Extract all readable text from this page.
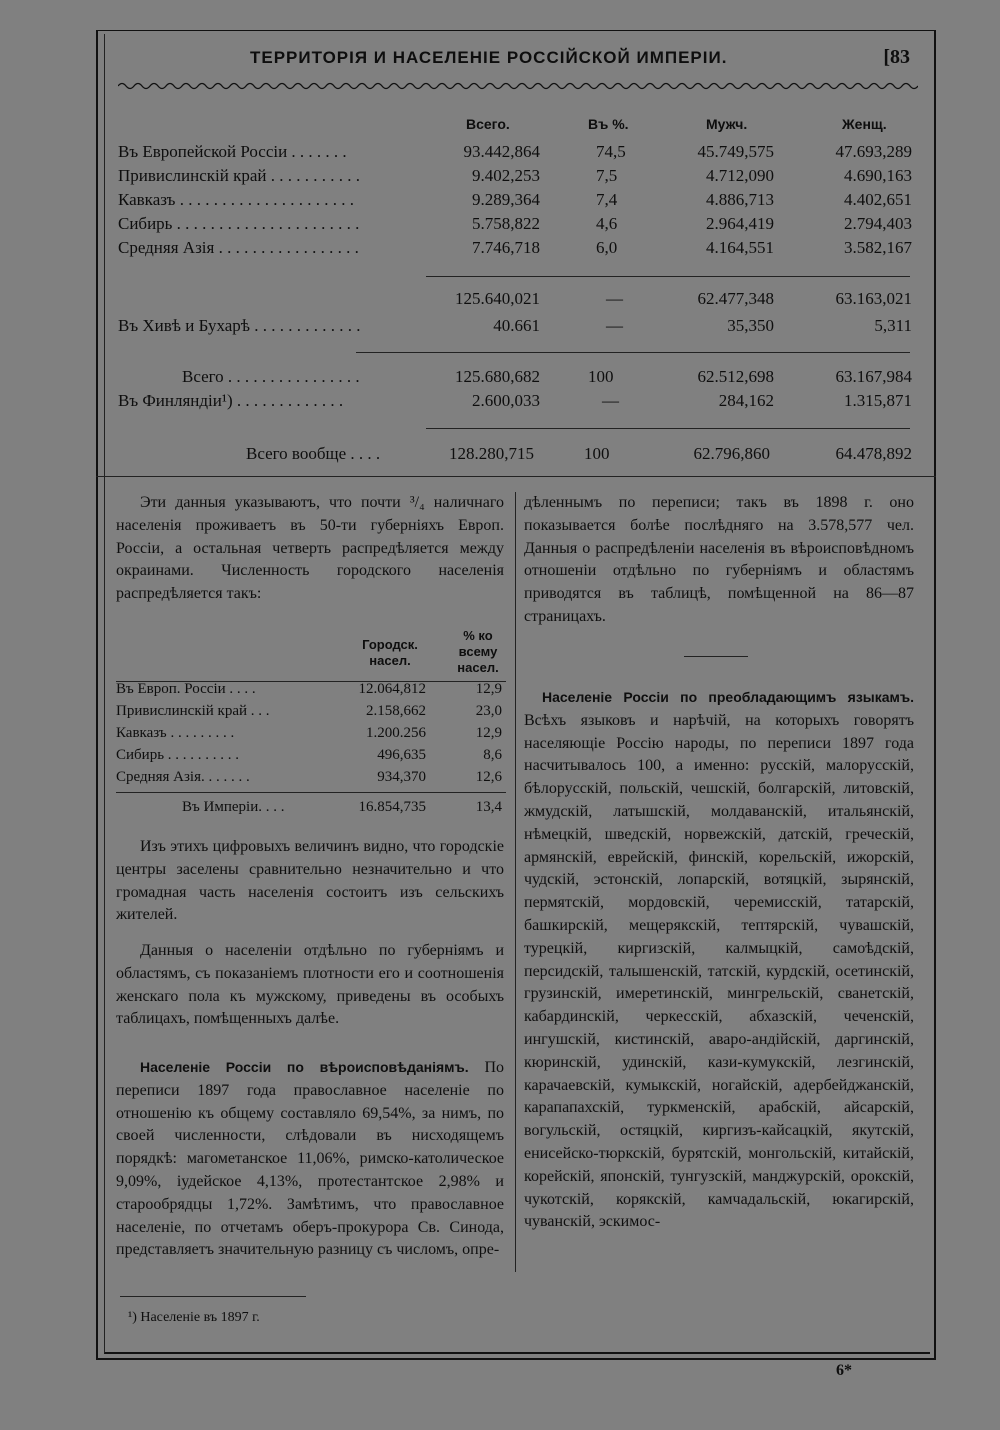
ТЕРРИТОРІЯ И НАСЕЛЕНІЕ РОССІЙСКОЙ ИМПЕРІИ.	[83
Всего.	Въ %.	Мужч.	Женщ.
Въ Европейской Россіи . . . . . . .	93.442,864	74,5	45.749,575	47.693,289
Привислинскій край . . . . . . . . . . .	9.402,253	7,5	4.712,090	4.690,163
Кавказъ . . . . . . . . . . . . . . . . . . . . .	9.289,364	7,4	4.886,713	4.402,651
Сибирь . . . . . . . . . . . . . . . . . . . . . .	5.758,822	4,6	2.964,419	2.794,403
Средняя Азія . . . . . . . . . . . . . . . . .	7.746,718	6,0	4.164,551	3.582,167
125.640,021	—	62.477,348	63.163,021
Въ Хивѣ и Бухарѣ . . . . . . . . . . . . .	40.661	—	35,350	5,311
Всего . . . . . . . . . . . . . . . .	125.680,682	100	62.512,698	63.167,984
Въ Финляндіи¹) . . . . . . . . . . . . .	2.600,033	—	284,162	1.315,871
Всего вообще . . . .	128.280,715	100	62.796,860	64.478,892
Эти данныя указываютъ, что почти ³/₄ наличнаго населенія проживаетъ въ 50-ти губерніяхъ Европ. Россіи, а остальная четверть распредѣляется между окраинами. Численность городского населенія распредѣляется такъ:
Городск. насел.
% ко всему насел.
Въ Европ. Россіи . . . .	12.064,812	12,9
Привислинскій край . . .	2.158,662	23,0
Кавказъ . . . . . . . . .	1.200.256	12,9
Сибирь . . . . . . . . . .	496,635	8,6
Средняя Азія. . . . . . .	934,370	12,6
Въ Имперіи. . . .	16.854,735	13,4
Изъ этихъ цифровыхъ величинъ видно, что городскіе центры заселены сравнительно незначительно и что громадная часть населенія состоитъ изъ сельскихъ жителей.
Данныя о населеніи отдѣльно по губерніямъ и областямъ, съ показаніемъ плотности его и соотношенія женскаго пола къ мужскому, приведены въ особыхъ таблицахъ, помѣщенныхъ далѣе.
Населеніе Россіи по вѣроисповѣданіямъ. По переписи 1897 года православное населеніе по отношенію къ общему составляло 69,54%, за нимъ, по своей численности, слѣдовали въ нисходящемъ порядкѣ: магометанское 11,06%, римско-католическое 9,09%, іудейское 4,13%, протестантское 2,98% и старообрядцы 1,72%. Замѣтимъ, что православное населеніе, по отчетамъ оберъ-прокурора Св. Синода, представляетъ значительную разницу съ числомъ, опре-
дѣленнымъ по переписи; такъ въ 1898 г. оно показывается болѣе послѣдняго на 3.578,577 чел. Данныя о распредѣленіи населенія въ вѣроисповѣдномъ отношеніи отдѣльно по губерніямъ и областямъ приводятся въ таблицѣ, помѣщенной на 86—87 страницахъ.
Населеніе Россіи по преобладающимъ языкамъ. Всѣхъ языковъ и нарѣчій, на которыхъ говорятъ населяющіе Россію народы, по переписи 1897 года насчитывалось 100, а именно: русскій, малорусскій, бѣлорусскій, польскій, чешскій, болгарскій, литовскій, жмудскій, латышскій, молдаванскій, итальянскій, нѣмецкій, шведскій, норвежскій, датскій, греческій, армянскій, еврейскій, финскій, корельскій, ижорскій, чудскій, эстонскій, лопарскій, вотяцкій, зырянскій, пермятскій, мордовскій, черемисскій, татарскій, башкирскій, мещерякскій, тептярскій, чувашскій, турецкій, киргизскій, калмыцкій, самоѣдскій, персидскій, талышенскій, татскій, курдскій, осетинскій, грузинскій, имеретинскій, мингрельскій, сванетскій, кабардинскій, черкесскій, абхазскій, чеченскій, ингушскій, кистинскій, аваро-андійскій, даргинскій, кюринскій, удинскій, кази-кумукскій, лезгинскій, карачаевскій, кумыкскій, ногайскій, адербейджанскій, карапапахскій, туркменскій, арабскій, айсарскій, вогульскій, остяцкій, киргизъ-кайсацкій, якутскій, енисейско-тюркскій, бурятскій, монгольскій, китайскій, корейскій, японскій, тунгузскій, манджурскій, орокскій, чукотскій, корякскій, камчадальскій, юкагирскій, чуванскій, эскимос-
¹) Населеніе въ 1897 г.
6*
